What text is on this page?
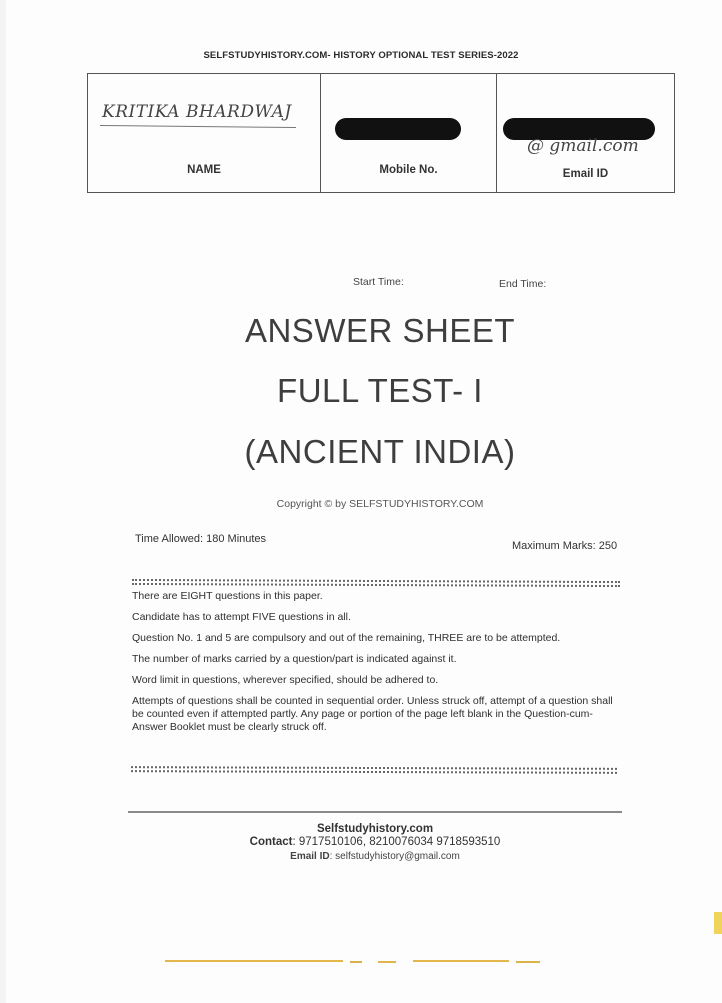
SELFSTUDYHISTORY.COM- HISTORY OPTIONAL TEST SERIES-2022
KRITIKA BHARDWAJ
NAME	Mobile No.
@ gmail.com
Email ID
Start Time:	End Time:
ANSWER SHEET
FULL TEST- I
(ANCIENT INDIA)
Copyright © by SELFSTUDYHISTORY.COM
Time Allowed: 180 Minutes
Maximum Marks: 250

There are EIGHT questions in this paper.

Candidate has to attempt FIVE questions in all.

Question No. 1 and 5 are compulsory and out of the remaining, THREE are to be attempted.

The number of marks carried by a question/part is indicated against it.

Word limit in questions, wherever specified, should be adhered to.

Attempts of questions shall be counted in sequential order. Unless struck off, attempt of a question shall be counted even if attempted partly. Any page or portion of the page left blank in the Question-cum-Answer Booklet must be clearly struck off.

Selfstudyhistory.com
Contact: 9717510106, 8210076034 9718593510
Email ID: selfstudyhistory@gmail.com
